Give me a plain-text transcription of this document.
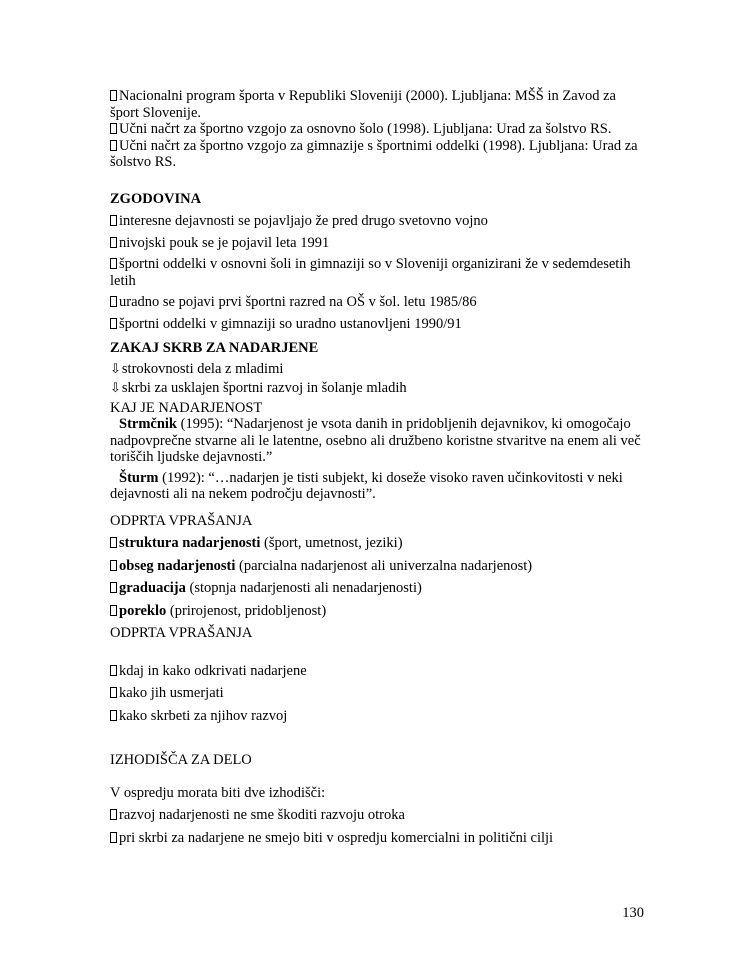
Nacionalni program športa v Republiki Sloveniji (2000). Ljubljana: MŠŠ in Zavod za šport Slovenije.

Učni načrt za športno vzgojo za osnovno šolo (1998). Ljubljana: Urad za šolstvo RS.

Učni načrt za športno vzgojo za gimnazije s športnimi oddelki (1998). Ljubljana: Urad za šolstvo RS.

ZGODOVINA

interesne dejavnosti se pojavljajo že pred drugo svetovno vojno

nivojski pouk se je pojavil leta 1991

športni oddelki v osnovni šoli in gimnaziji so v Sloveniji organizirani že v sedemdesetih letih

uradno se pojavi prvi športni razred na OŠ v šol. letu 1985/86

športni oddelki v gimnaziji so uradno ustanovljeni 1990/91

ZAKAJ SKRB ZA NADARJENE

⇩strokovnosti dela z mladimi

⇩skrbi za usklajen športni razvoj in šolanje mladih

KAJ JE NADARJENOST

Strmčnik (1995): “Nadarjenost je vsota danih in pridobljenih dejavnikov, ki omogočajo nadpovprečne stvarne ali le latentne, osebno ali družbeno koristne stvaritve na enem ali več toriščih ljudske dejavnosti.”

Šturm (1992): “…nadarjen je tisti subjekt, ki doseže visoko raven učinkovitosti v neki dejavnosti ali na nekem področju dejavnosti”.

ODPRTA VPRAŠANJA

struktura nadarjenosti (šport, umetnost, jeziki)

obseg nadarjenosti (parcialna nadarjenost ali univerzalna nadarjenost)

graduacija (stopnja nadarjenosti ali nenadarjenosti)

poreklo (prirojenost, pridobljenost)

ODPRTA VPRAŠANJA

kdaj in kako odkrivati nadarjene

kako jih usmerjati

kako skrbeti za njihov razvoj

IZHODIŠČA ZA DELO

V ospredju morata biti dve izhodišči:

razvoj nadarjenosti ne sme škoditi razvoju otroka

pri skrbi za nadarjene ne smejo biti v ospredju komercialni in politični cilji

130
